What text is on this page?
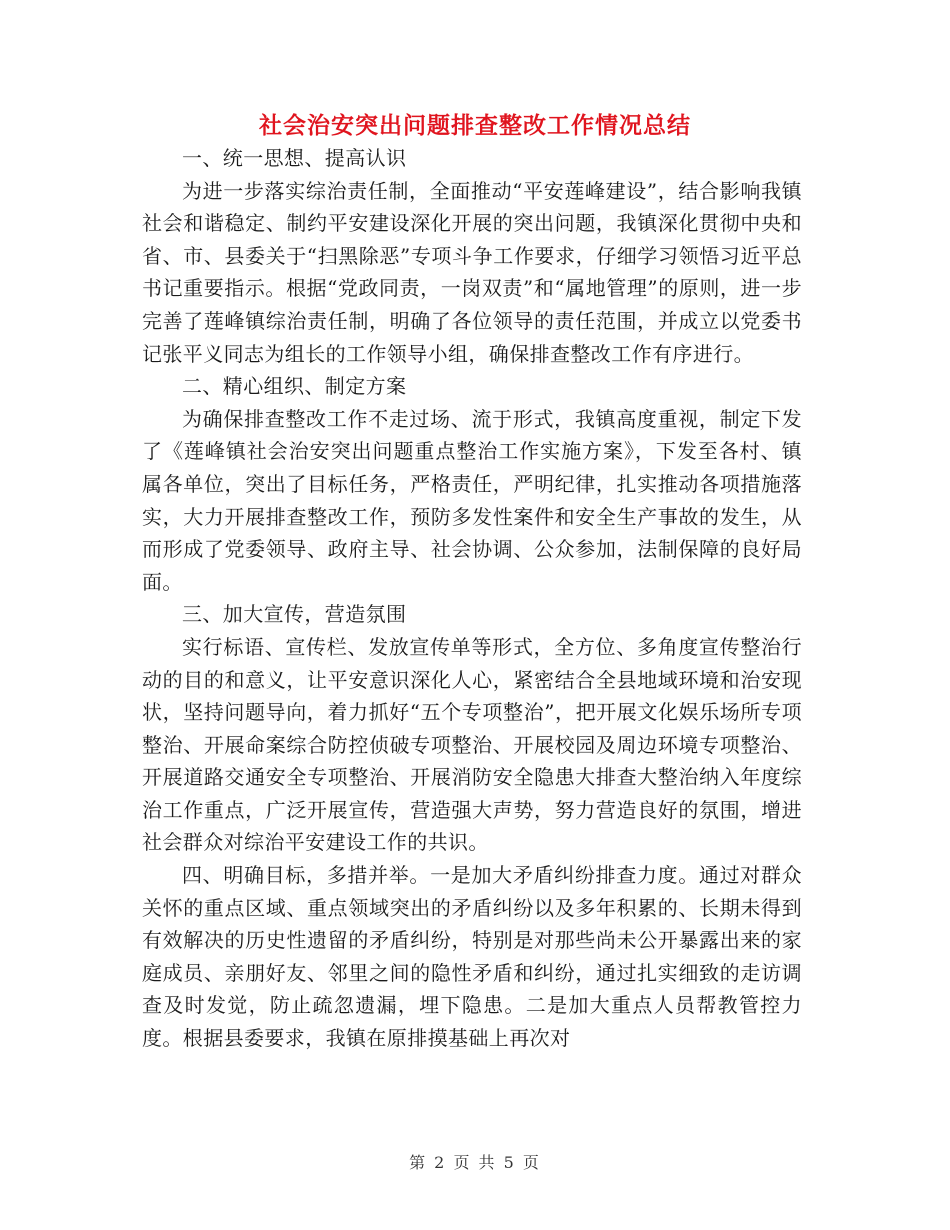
社会治安突出问题排查整改工作情况总结

一、统一思想、提高认识

为进一步落实综治责任制，全面推动“平安莲峰建设”，结合影响我镇社会和谐稳定、制约平安建设深化开展的突出问题，我镇深化贯彻中央和省、市、县委关于“扫黑除恶”专项斗争工作要求，仔细学习领悟习近平总书记重要指示。根据“党政同责，一岗双责”和“属地管理”的原则，进一步完善了莲峰镇综治责任制，明确了各位领导的责任范围，并成立以党委书记张平义同志为组长的工作领导小组，确保排查整改工作有序进行。

二、精心组织、制定方案

为确保排查整改工作不走过场、流于形式，我镇高度重视，制定下发了《莲峰镇社会治安突出问题重点整治工作实施方案》，下发至各村、镇属各单位，突出了目标任务，严格责任，严明纪律，扎实推动各项措施落实，大力开展排查整改工作，预防多发性案件和安全生产事故的发生，从而形成了党委领导、政府主导、社会协调、公众参加，法制保障的良好局面。

三、加大宣传，营造氛围

实行标语、宣传栏、发放宣传单等形式，全方位、多角度宣传整治行动的目的和意义，让平安意识深化人心，紧密结合全县地域环境和治安现状，坚持问题导向，着力抓好“五个专项整治”，把开展文化娱乐场所专项整治、开展命案综合防控侦破专项整治、开展校园及周边环境专项整治、开展道路交通安全专项整治、开展消防安全隐患大排查大整治纳入年度综治工作重点，广泛开展宣传，营造强大声势，努力营造良好的氛围，增进社会群众对综治平安建设工作的共识。

四、明确目标，多措并举。一是加大矛盾纠纷排查力度。通过对群众关怀的重点区域、重点领域突出的矛盾纠纷以及多年积累的、长期未得到有效解决的历史性遗留的矛盾纠纷，特别是对那些尚未公开暴露出来的家庭成员、亲朋好友、邻里之间的隐性矛盾和纠纷，通过扎实细致的走访调查及时发觉，防止疏忽遗漏，埋下隐患。二是加大重点人员帮教管控力度。根据县委要求，我镇在原排摸基础上再次对

第 2 页 共 5 页
